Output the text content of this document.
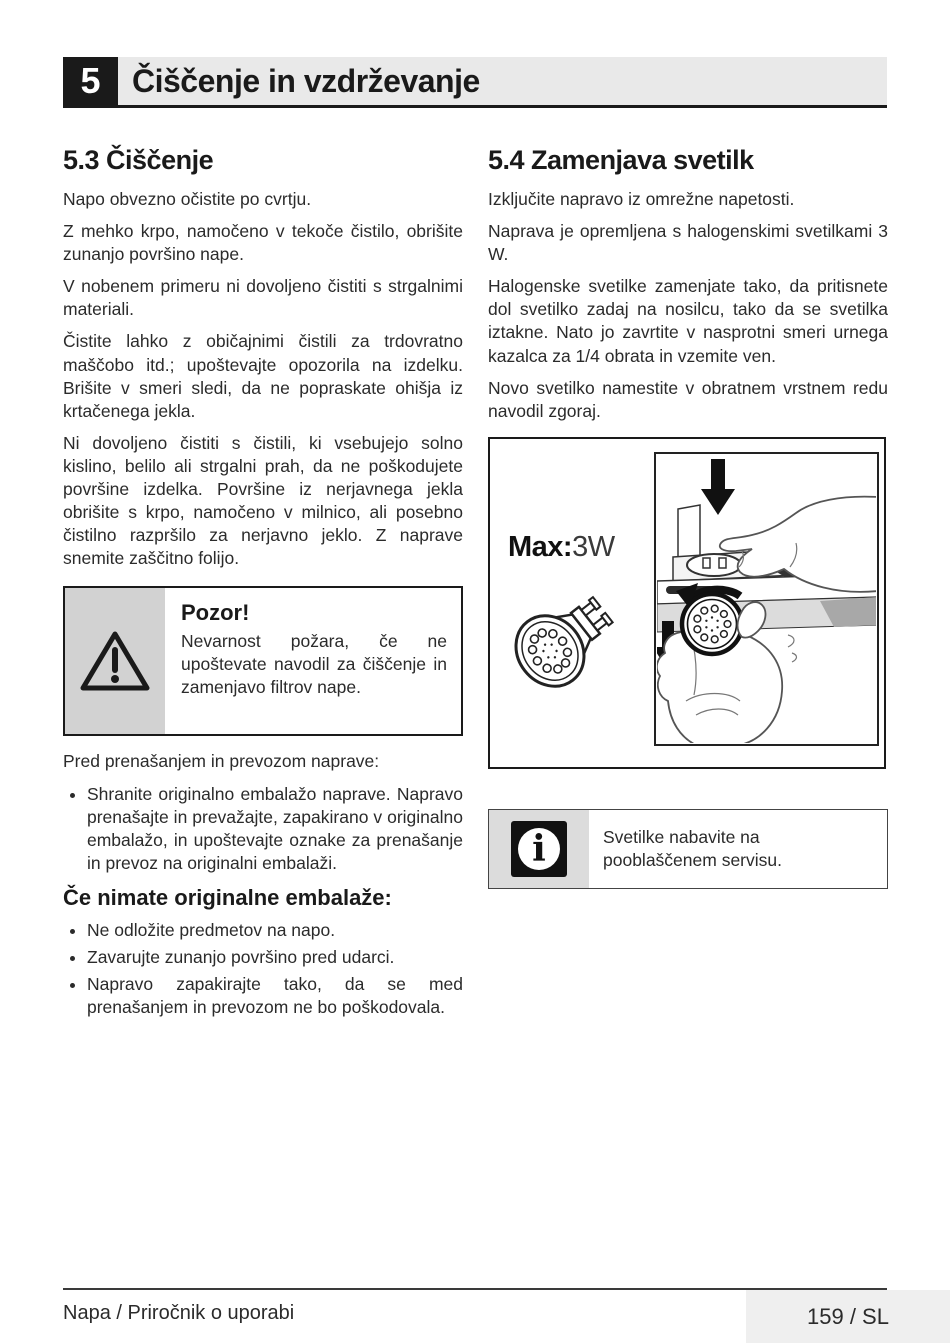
5 Čiščenje in vzdrževanje
5.3 Čiščenje

Napo obvezno očistite po cvrtju.

Z mehko krpo, namočeno v tekoče čistilo, obrišite zunanjo površino nape.

V nobenem primeru ni dovoljeno čistiti s strgalnimi materiali.

Čistite lahko z običajnimi čistili za trdovratno maščobo itd.; upoštevajte opozorila na izdelku. Brišite v smeri sledi, da ne popraskate ohišja iz krtačenega jekla.

Ni dovoljeno čistiti s čistili, ki vsebujejo solno kislino, belilo ali strgalni prah, da ne poškodujete površine izdelka. Površine iz nerjavnega jekla obrišite s krpo, namočeno v milnico, ali posebno čistilno razpršilo za nerjavno jeklo. Z naprave snemite zaščitno folijo.

Pozor!

Nevarnost požara, če ne upoštevate navodil za čiščenje in zamenjavo filtrov nape.

Pred prenašanjem in prevozom naprave:

• Shranite originalno embalažo naprave. Napravo prenašajte in prevažajte, zapakirano v originalno embalažo, in upoštevajte oznake za prenašanje in prevoz na originalni embalaži.
Če nimate originalne embalaže:
• Ne odložite predmetov na napo.
• Zavarujte zunanjo površino pred udarci.
• Napravo zapakirajte tako, da se med prenašanjem in prevozom ne bo poškodovala.
5.4 Zamenjava svetilk

Izključite napravo iz omrežne napetosti.

Naprava je opremljena s halogenskimi svetilkami 3 W.

Halogenske svetilke zamenjate tako, da pritisnete dol svetilko zadaj na nosilcu, tako da se svetilka iztakne. Nato jo zavrtite v nasprotni smeri urnega kazalca za 1/4 obrata in vzemite ven.

Novo svetilko namestite v obratnem vrstnem redu navodil zgoraj.

Max:3W
i	Svetilke nabavite na pooblaščenem servisu.

Napa / Priročnik o uporabi	159 / SL
